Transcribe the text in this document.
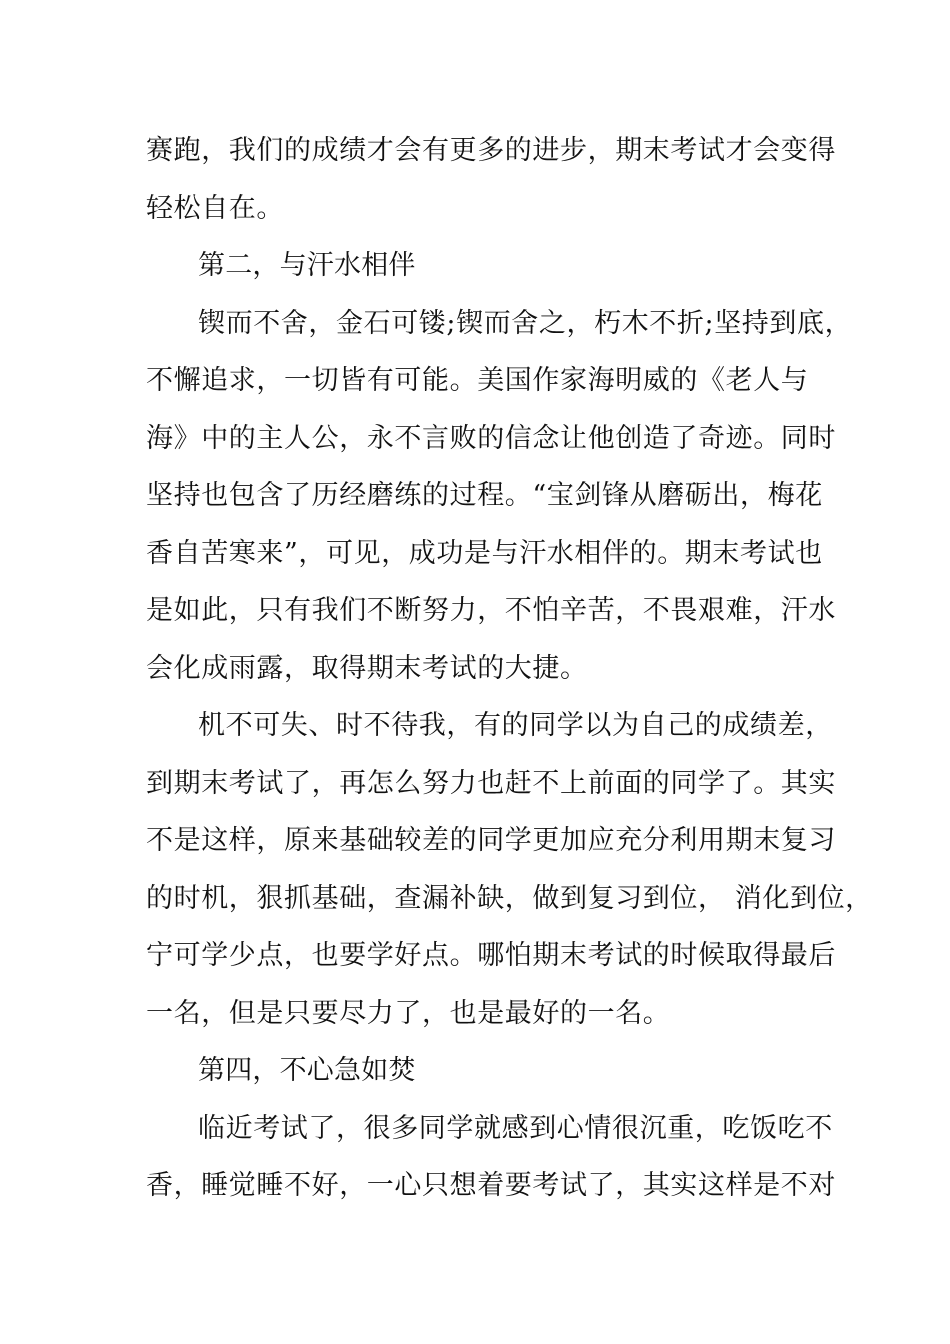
赛跑，我们的成绩才会有更多的进步，期末考试才会变得
轻松自在。
第二，与汗水相伴
锲而不舍，金石可镂;锲而舍之，朽木不折;坚持到底，
不懈追求，一切皆有可能。美国作家海明威的《老人与
海》中的主人公，永不言败的信念让他创造了奇迹。同时
坚持也包含了历经磨练的过程。“宝剑锋从磨砺出，梅花
香自苦寒来”，可见，成功是与汗水相伴的。期末考试也
是如此，只有我们不断努力，不怕辛苦，不畏艰难，汗水
会化成雨露，取得期末考试的大捷。
机不可失、时不待我，有的同学以为自己的成绩差，
到期末考试了，再怎么努力也赶不上前面的同学了。其实
不是这样，原来基础较差的同学更加应充分利用期末复习
的时机，狠抓基础，查漏补缺，做到复习到位， 消化到位，
宁可学少点，也要学好点。哪怕期末考试的时候取得最后
一名，但是只要尽力了，也是最好的一名。
第四，不心急如焚
临近考试了，很多同学就感到心情很沉重，吃饭吃不
香，睡觉睡不好，一心只想着要考试了，其实这样是不对
